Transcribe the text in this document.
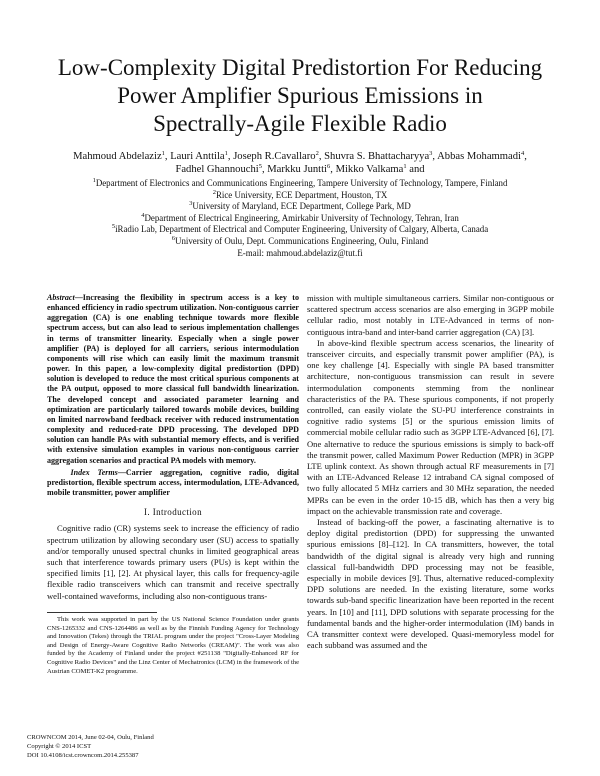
Low-Complexity Digital Predistortion For Reducing
Power Amplifier Spurious Emissions in
Spectrally-Agile Flexible Radio
Mahmoud Abdelaziz$^1$, Lauri Anttila$^1$, Joseph R.Cavallaro$^2$, Shuvra S. Bhattacharyya$^3$, Abbas Mohammadi$^4$,
Fadhel Ghannouchi$^5$, Markku Juntti$^6$, Mikko Valkama$^1$ and
$^1$Department of Electronics and Communications Engineering, Tampere University of Technology, Tampere, Finland
$^2$Rice University, ECE Department, Houston, TX
$^3$University of Maryland, ECE Department, College Park, MD
$^4$Department of Electrical Engineering, Amirkabir University of Technology, Tehran, Iran
$^5$iRadio Lab, Department of Electrical and Computer Engineering, University of Calgary, Alberta, Canada
$^6$University of Oulu, Dept. Communications Engineering, Oulu, Finland
E-mail: mahmoud.abdelaziz@tut.fi
Abstract—Increasing the flexibility in spectrum access is a key to enhanced efficiency in radio spectrum utilization. Non-contiguous carrier aggregation (CA) is one enabling technique towards more flexible spectrum access, but can also lead to serious implementation challenges in terms of transmitter linearity. Especially when a single power amplifier (PA) is deployed for all carriers, serious intermodulation components will rise which can easily limit the maximum transmit power. In this paper, a low-complexity digital predistortion (DPD) solution is developed to reduce the most critical spurious components at the PA output, opposed to more classical full bandwidth linearization. The developed concept and associated parameter learning and optimization are particularly tailored towards mobile devices, building on limited narrowband feedback receiver with reduced instrumentation complexity and reduced-rate DPD processing. The developed DPD solution can handle PAs with substantial memory effects, and is verified with extensive simulation examples in various non-contiguous carrier aggregation scenarios and practical PA models with memory.
Index Terms—Carrier aggregation, cognitive radio, digital predistortion, flexible spectrum access, intermodulation, LTE-Advanced, mobile transmitter, power amplifier
I. Introduction

Cognitive radio (CR) systems seek to increase the efficiency of radio spectrum utilization by allowing secondary user (SU) access to spatially and/or temporally unused spectral chunks in limited geographical areas such that interference towards primary users (PUs) is kept within the specified limits [1], [2]. At physical layer, this calls for frequency-agile flexible radio transceivers which can transmit and receive spectrally well-contained waveforms, including also non-contiguous trans-

This work was supported in part by the US National Science Foundation under grants CNS-1265332 and CNS-1264486 as well as by the Finnish Funding Agency for Technology and Innovation (Tekes) through the TRIAL program under the project "Cross-Layer Modeling and Design of Energy-Aware Cognitive Radio Networks (CREAM)". The work was also funded by the Academy of Finland under the project #251138 "Digitally-Enhanced RF for Cognitive Radio Devices" and the Linz Center of Mechatronics (LCM) in the framework of the Austrian COMET-K2 programme.

mission with multiple simultaneous carriers. Similar non-contiguous or scattered spectrum access scenarios are also emerging in 3GPP mobile cellular radio, most notably in LTE-Advanced in terms of non-contiguous intra-band and inter-band carrier aggregation (CA) [3].

In above-kind flexible spectrum access scenarios, the linearity of transceiver circuits, and especially transmit power amplifier (PA), is one key challenge [4]. Especially with single PA based transmitter architecture, non-contiguous transmission can result in severe intermodulation components stemming from the nonlinear characteristics of the PA. These spurious components, if not properly controlled, can easily violate the SU-PU interference constraints in cognitive radio systems [5] or the spurious emission limits of commercial mobile cellular radio such as 3GPP LTE-Advanced [6], [7]. One alternative to reduce the spurious emissions is simply to back-off the transmit power, called Maximum Power Reduction (MPR) in 3GPP LTE uplink context. As shown through actual RF measurements in [7] with an LTE-Advanced Release 12 intraband CA signal composed of two fully allocated 5 MHz carriers and 30 MHz separation, the needed MPRs can be even in the order 10-15 dB, which has then a very big impact on the achievable transmission rate and coverage.

Instead of backing-off the power, a fascinating alternative is to deploy digital predistortion (DPD) for suppressing the unwanted spurious emissions [8]–[12]. In CA transmitters, however, the total bandwidth of the digital signal is already very high and running classical full-bandwidth DPD processing may not be feasible, especially in mobile devices [9]. Thus, alternative reduced-complexity DPD solutions are needed. In the existing literature, some works towards sub-band specific linearization have been reported in the recent years. In [10] and [11], DPD solutions with separate processing for the fundamental bands and the higher-order intermodulation (IM) bands in CA transmitter context were developed. Quasi-memoryless model for each subband was assumed and the

CROWNCOM 2014, June 02-04, Oulu, Finland
Copyright © 2014 ICST
DOI 10.4108/icst.crowncom.2014.255387
